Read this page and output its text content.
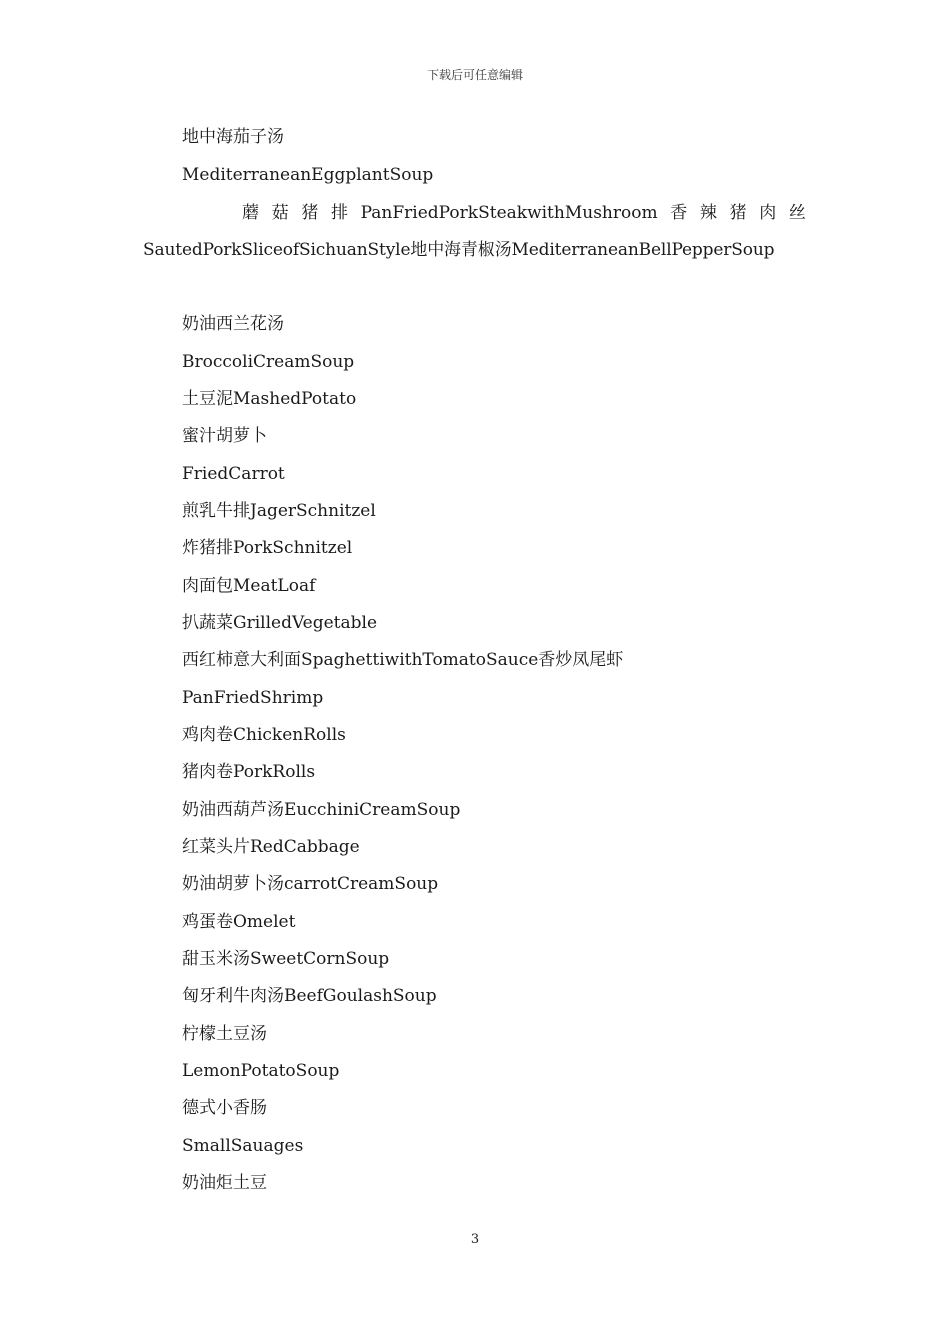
下载后可任意编辑
地中海茄子汤
MediterraneanEggplantSoup
蘑 菇 猪 排 PanFriedPorkSteakwithMushroom 香 辣 猪 肉 丝
SautedPorkSliceofSichuanStyle地中海青椒汤MediterraneanBellPepperSoup
奶油西兰花汤
BroccoliCreamSoup
土豆泥MashedPotato
蜜汁胡萝卜
FriedCarrot
煎乳牛排JagerSchnitzel
炸猪排PorkSchnitzel
肉面包MeatLoaf
扒蔬菜GrilledVegetable
西红柿意大利面SpaghettiwithTomatoSauce香炒凤尾虾
PanFriedShrimp
鸡肉卷ChickenRolls
猪肉卷PorkRolls
奶油西葫芦汤EucchiniCreamSoup
红菜头片RedCabbage
奶油胡萝卜汤carrotCreamSoup
鸡蛋卷Omelet
甜玉米汤SweetCornSoup
匈牙利牛肉汤BeefGoulashSoup
柠檬土豆汤
LemonPotatoSoup
德式小香肠
SmallSauages
奶油炬土豆
3
